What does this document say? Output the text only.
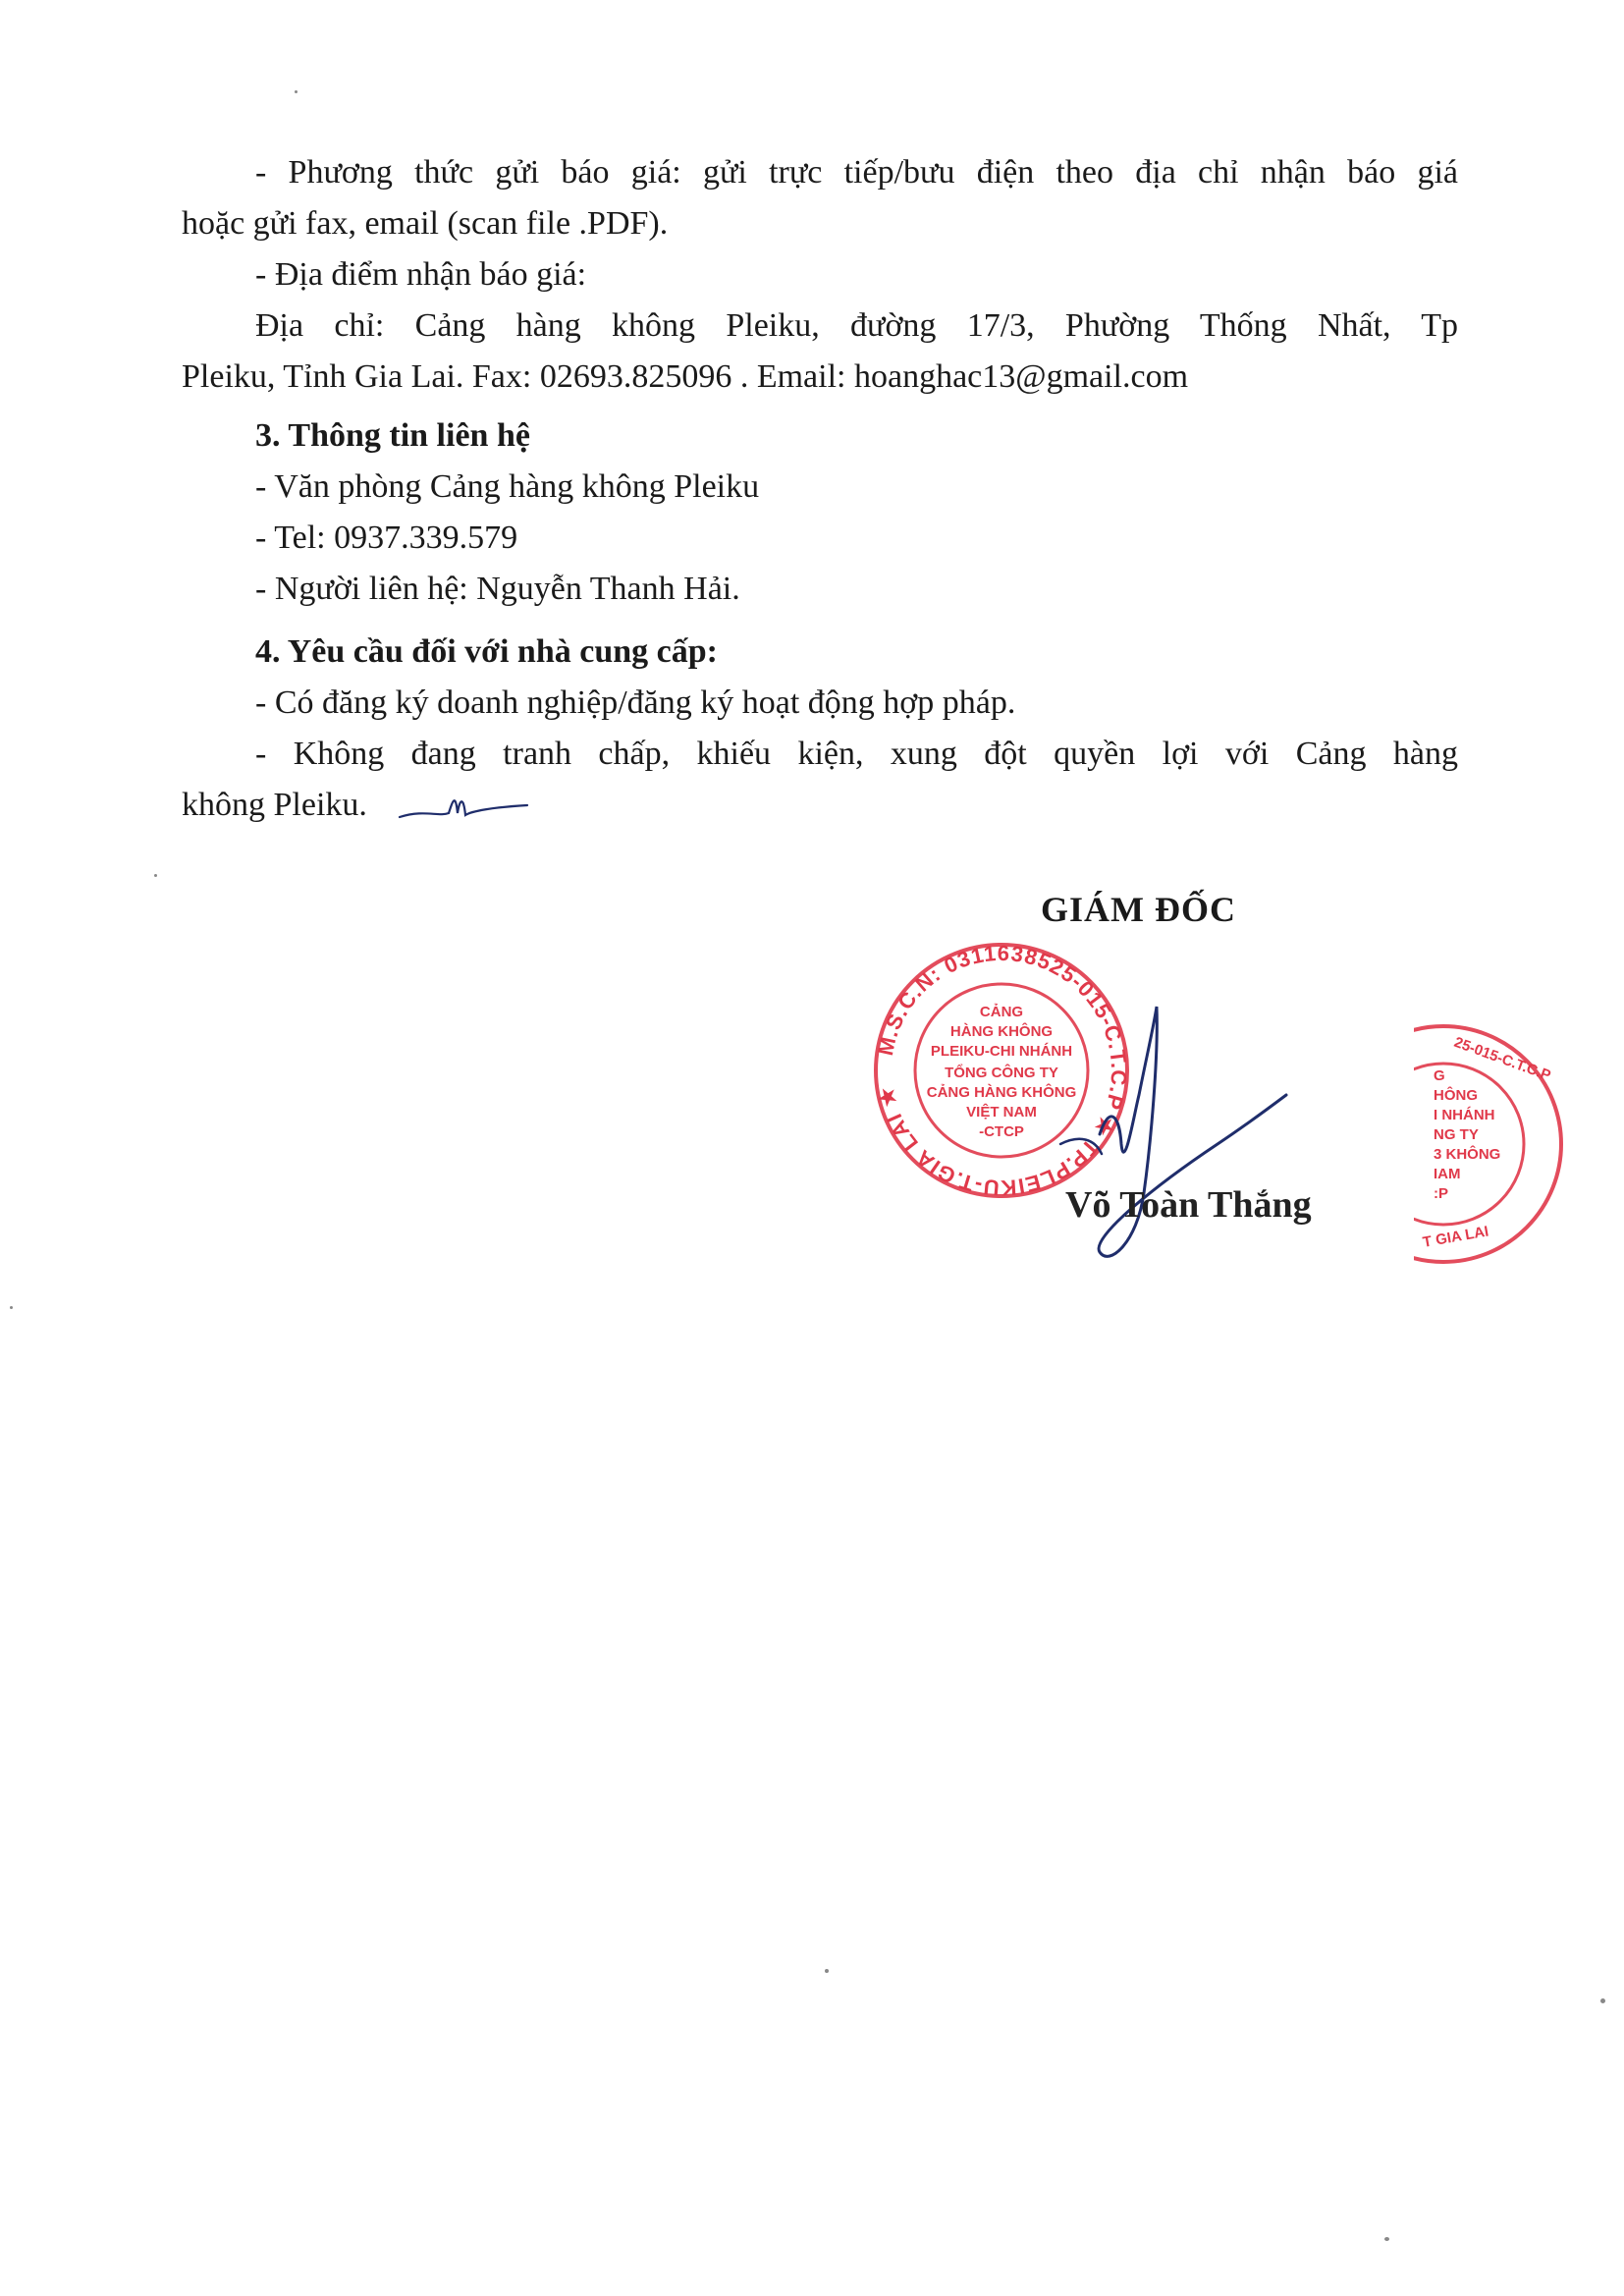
- Phương thức gửi báo giá: gửi trực tiếp/bưu điện theo địa chỉ nhận báo giá

hoặc gửi fax, email (scan file .PDF).

- Địa điểm nhận báo giá:

Địa chỉ: Cảng hàng không Pleiku, đường 17/3, Phường Thống Nhất, Tp

Pleiku, Tỉnh Gia Lai. Fax: 02693.825096 . Email: hoanghac13@gmail.com

3. Thông tin liên hệ

- Văn phòng Cảng hàng không Pleiku

- Tel: 0937.339.579

- Người liên hệ: Nguyễn Thanh Hải.

4. Yêu cầu đối với nhà cung cấp:

- Có đăng ký doanh nghiệp/đăng ký hoạt động hợp pháp.

- Không đang tranh chấp, khiếu kiện, xung đột quyền lợi với Cảng hàng

không Pleiku.

GIÁM ĐỐC
M.S.C.N: 0311638525-015-C.T.C.P ★ TP.PLEIKU-T.GIA LAI ★
CẢNG
HÀNG KHÔNG
PLEIKU-CHI NHÁNH
TỔNG CÔNG TY
CẢNG HÀNG KHÔNG
VIỆT NAM
-CTCP
25-015-C.T.C.P
G
HÔNG
I NHÁNH
NG TY
3 KHÔNG
IAM
:P
T GIA LAI
Võ Toàn Thắng
